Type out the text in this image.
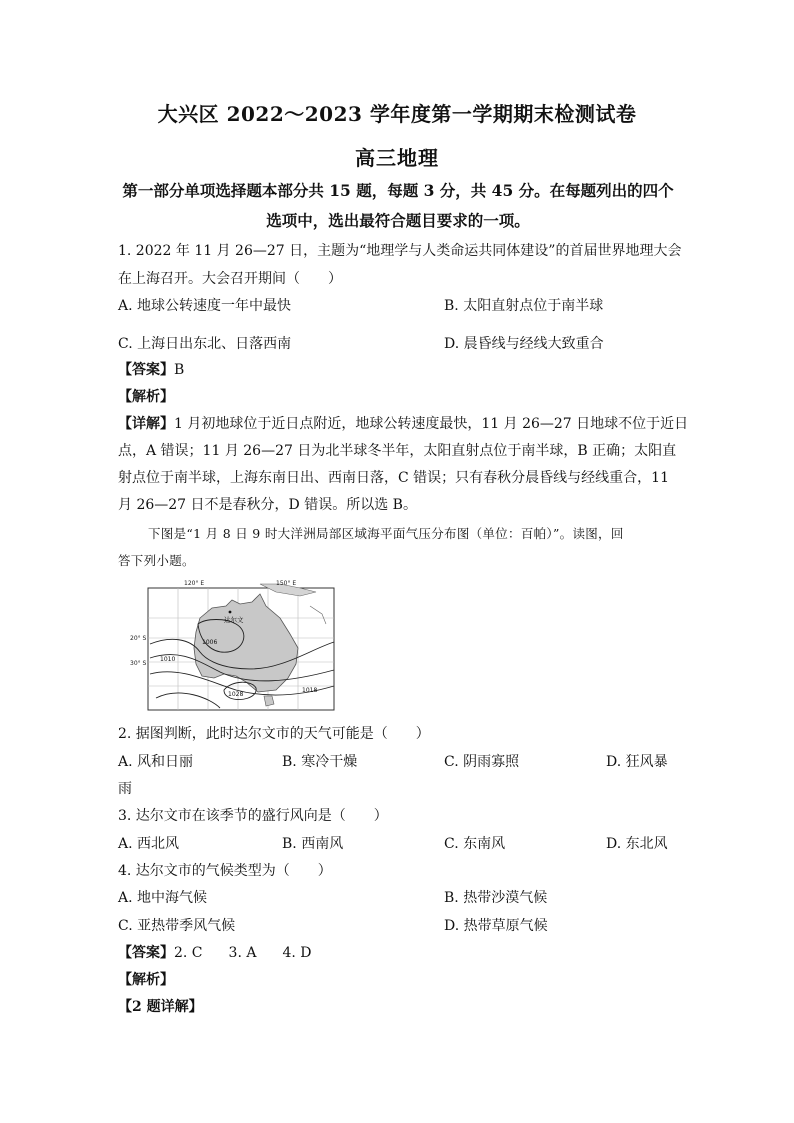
大兴区 2022～2023 学年度第一学期期末检测试卷
高三地理
第一部分单项选择题本部分共 15 题，每题 3 分，共 45 分。在每题列出的四个
选项中，选出最符合题目要求的一项。
1. 2022 年 11 月 26—27 日，主题为“地理学与人类命运共同体建设”的首届世界地理大会
在上海召开。大会召开期间（　　）
A. 地球公转速度一年中最快	B. 太阳直射点位于南半球
C. 上海日出东北、日落西南	D. 晨昏线与经线大致重合
【答案】B
【解析】
【详解】1 月初地球位于近日点附近，地球公转速度最快，11 月 26—27 日地球不位于近日
点，A 错误；11 月 26—27 日为北半球冬半年，太阳直射点位于南半球，B 正确；太阳直
射点位于南半球，上海东南日出、西南日落，C 错误；只有春秋分晨昏线与经线重合，11
月 26—27 日不是春秋分，D 错误。所以选 B。
下图是“1 月 8 日 9 时大洋洲局部区域海平面气压分布图（单位：百帕）”。读图，回
答下列小题。
120° E	150° E
20° S
30° S
达尔文
1006
1010
1028
1018
2. 据图判断，此时达尔文市的天气可能是（　　）
A. 风和日丽	B. 寒冷干燥	C. 阴雨寡照	D. 狂风暴
雨
3. 达尔文市在该季节的盛行风向是（　　）
A. 西北风	B. 西南风	C. 东南风	D. 东北风
4. 达尔文市的气候类型为（　　）
A. 地中海气候	B. 热带沙漠气候
C. 亚热带季风气候	D. 热带草原气候
【答案】2. C 3. A 4. D
【解析】
【2 题详解】
